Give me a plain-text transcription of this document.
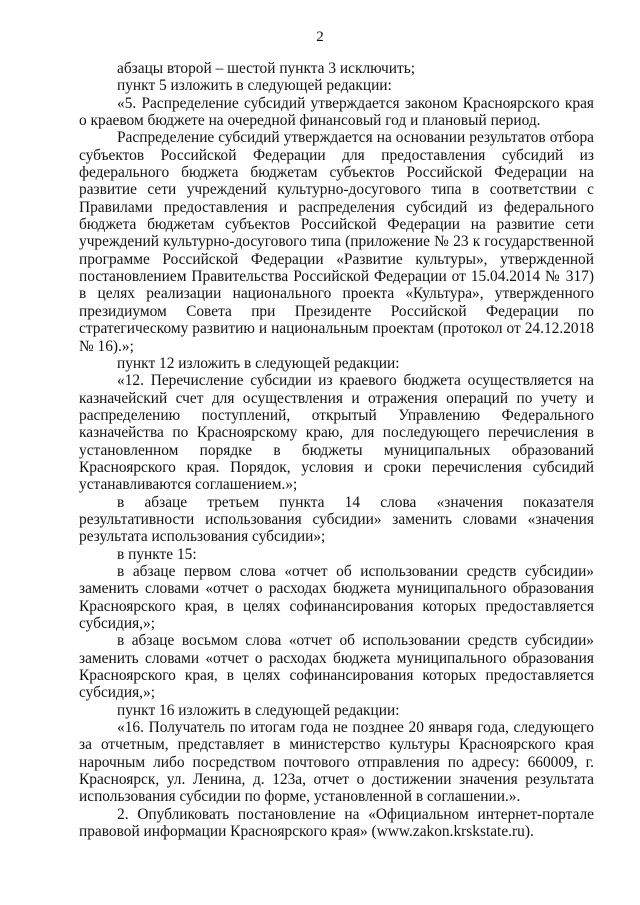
2

абзацы второй – шестой пункта 3 исключить;

пункт 5 изложить в следующей редакции:

«5. Распределение субсидий утверждается законом Красноярского края о краевом бюджете на очередной финансовый год и плановый период.

Распределение субсидий утверждается на основании результатов отбора субъектов Российской Федерации для предоставления субсидий из федерального бюджета бюджетам субъектов Российской Федерации на развитие сети учреждений культурно-досугового типа в соответствии с Правилами предоставления и распределения субсидий из федерального бюджета бюджетам субъектов Российской Федерации на развитие сети учреждений культурно-досугового типа (приложение № 23 к государственной программе Российской Федерации «Развитие культуры», утвержденной постановлением Правительства Российской Федерации от 15.04.2014 № 317) в целях реализации национального проекта «Культура», утвержденного президиумом Совета при Президенте Российской Федерации по стратегическому развитию и национальным проектам (протокол от 24.12.2018 № 16).»;

пункт 12 изложить в следующей редакции:

«12. Перечисление субсидии из краевого бюджета осуществляется на казначейский счет для осуществления и отражения операций по учету и распределению поступлений, открытый Управлению Федерального казначейства по Красноярскому краю, для последующего перечисления в установленном порядке в бюджеты муниципальных образований Красноярского края. Порядок, условия и сроки перечисления субсидий устанавливаются соглашением.»;

в абзаце третьем пункта 14 слова «значения показателя результативности использования субсидии» заменить словами «значения результата использования субсидии»;

в пункте 15:

в абзаце первом слова «отчет об использовании средств субсидии» заменить словами «отчет о расходах бюджета муниципального образования Красноярского края, в целях софинансирования которых предоставляется субсидия,»;

в абзаце восьмом слова «отчет об использовании средств субсидии» заменить словами «отчет о расходах бюджета муниципального образования Красноярского края, в целях софинансирования которых предоставляется субсидия,»;

пункт 16 изложить в следующей редакции:

«16. Получатель по итогам года не позднее 20 января года, следующего за отчетным, представляет в министерство культуры Красноярского края нарочным либо посредством почтового отправления по адресу: 660009, г. Красноярск, ул. Ленина, д. 123а, отчет о достижении значения результата использования субсидии по форме, установленной в соглашении.».

2. Опубликовать постановление на «Официальном интернет-портале правовой информации Красноярского края» (www.zakon.krskstate.ru).
